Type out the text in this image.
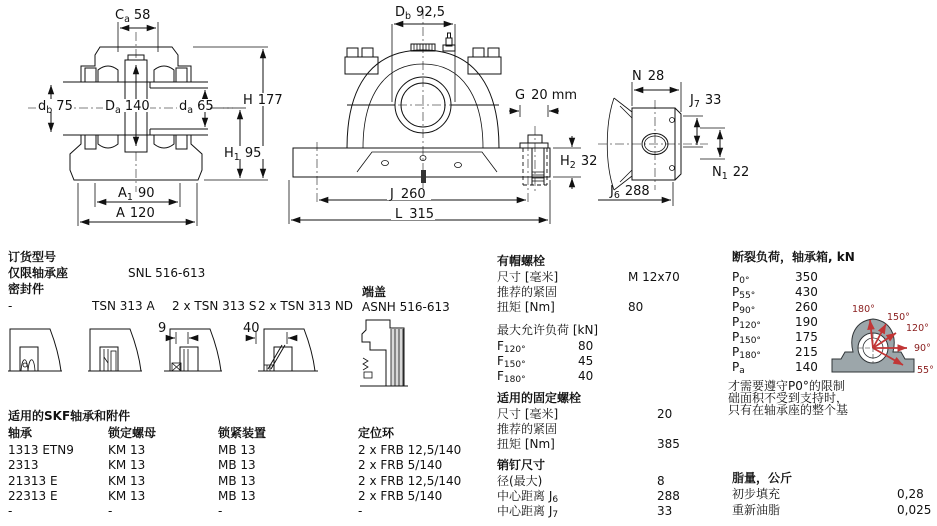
$C_a$ 58
$d_b$ 75 $D_a$ 140 $d_a$ 65 H 177
$H_1$ 95
$A_1$ 90
A 120
$D_b$ 92,5
G 20 mm
$H_2$ 32
J 260
L 315
N 28
$J_7$ 33
$N_1$ 22
$J_6$ 288
订货型号
仅限轴承座	SNL 516-613
密封件
-	TSN 313 A 2 x TSN 313 S 2 x TSN 313 ND
9	40
端盖
ASNH 516-613
有帽螺栓
尺寸 [毫米]	M 12x70
推荐的紧固
扭矩 [Nm]	80
最大允许负荷 [kN]
$F_{120^\circ}$	80
$F_{150^\circ}$	45
$F_{180^\circ}$	40
适用的固定螺栓
尺寸 [毫米]	20
推荐的紧固
扭矩 [Nm]	385
销钉尺寸
径(最大)	8
中心距离 $J_6$	288
中心距离 $J_7$	33
断裂负荷，轴承箱, kN
$P_{0^\circ}$	350
$P_{55^\circ}$	430
$P_{90^\circ}$	260
$P_{120^\circ}$	190
$P_{150^\circ}$	175
$P_{180^\circ}$	215
$P_a$	140
才需要遵守P0°的限制
础面积不受到支持时，
只有在轴承座的整个基
180°
150°
120°
90°
55°
脂量，公斤
初步填充	0,28
重新油脂	0,025
适用的SKF轴承和附件
轴承	锁定螺母	锁紧装置	定位环
1313 ETN9	KM 13	MB 13	2 x FRB 12,5/140
2313	KM 13	MB 13	2 x FRB 5/140
21313 E	KM 13	MB 13	2 x FRB 12,5/140
22313 E	KM 13	MB 13	2 x FRB 5/140
-	-	-	-
